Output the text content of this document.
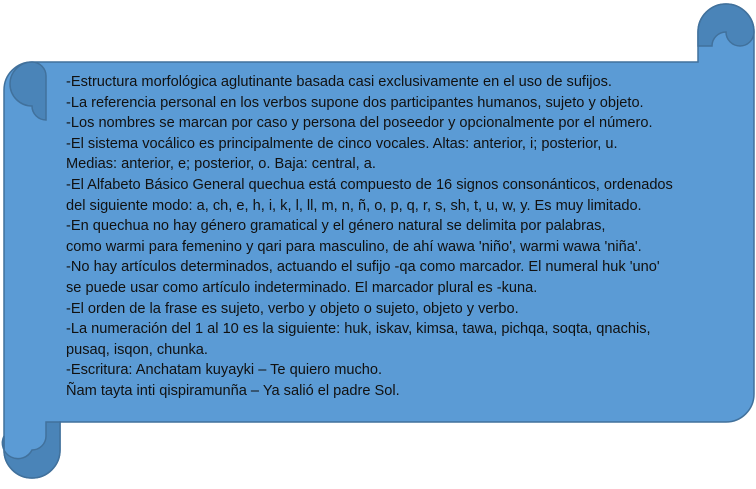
-Estructura morfológica aglutinante basada casi exclusivamente en el uso de sufijos.
-La referencia personal en los verbos supone dos participantes humanos, sujeto y objeto.
-Los nombres se marcan por caso y persona del poseedor y opcionalmente por el número.
-El sistema vocálico es principalmente de cinco vocales. Altas: anterior, i; posterior, u.
Medias: anterior, e; posterior, o. Baja: central, a.
-El Alfabeto Básico General quechua está compuesto de 16 signos consonánticos, ordenados
del siguiente modo: a, ch, e, h, i, k, l, ll, m, n, ñ, o, p, q, r, s, sh, t, u, w, y. Es muy limitado.
-En quechua no hay género gramatical y el género natural se delimita por palabras,
como warmi para femenino y qari para masculino, de ahí wawa 'niño', warmi wawa 'niña'.
-No hay artículos determinados, actuando el sufijo -qa como marcador. El numeral huk 'uno'
se puede usar como artículo indeterminado. El marcador plural es -kuna.
-El orden de la frase es sujeto, verbo y objeto o sujeto, objeto y verbo.
-La numeración del 1 al 10 es la siguiente: huk, iskav, kimsa, tawa, pichqa, soqta, qnachis,
pusaq, isqon, chunka.
-Escritura: Anchatam kuyayki – Te quiero mucho.
Ñam tayta inti qispiramunña – Ya salió el padre Sol.
